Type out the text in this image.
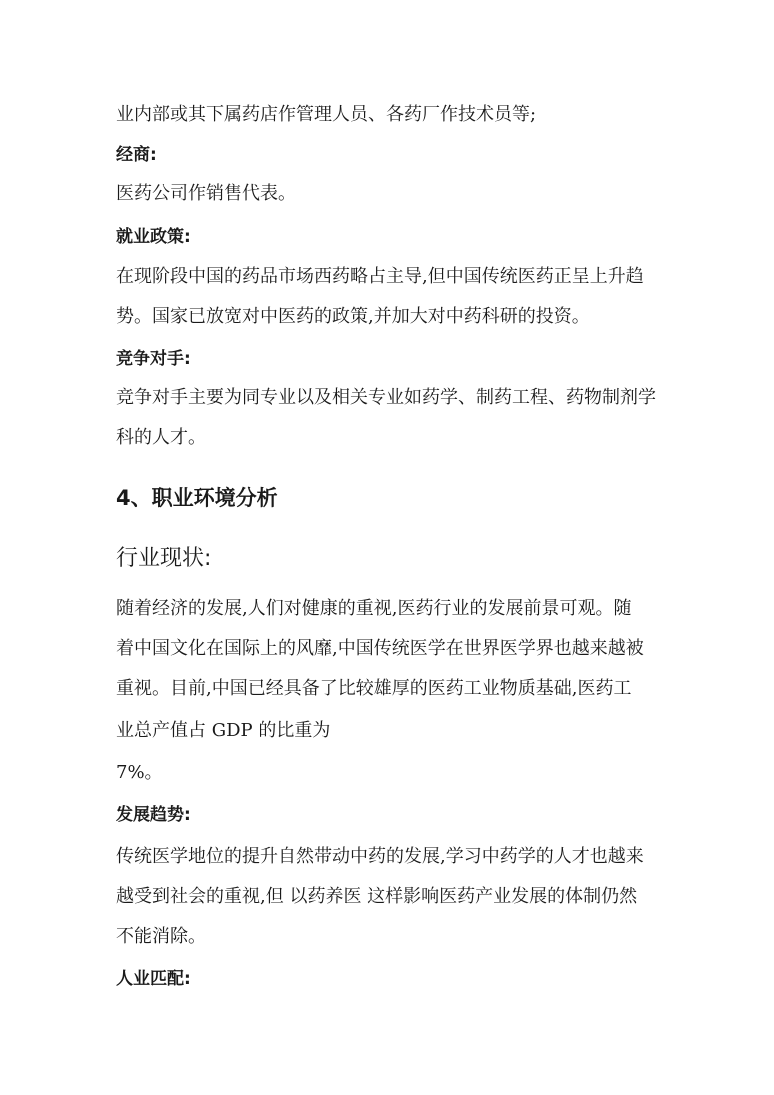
业内部或其下属药店作管理人员、各药厂作技术员等;
经商:
医药公司作销售代表。
就业政策:
在现阶段中国的药品市场西药略占主导,但中国传统医药正呈上升趋
势。国家已放宽对中医药的政策,并加大对中药科研的投资。
竞争对手:
竞争对手主要为同专业以及相关专业如药学、制药工程、药物制剂学
科的人才。
4、职业环境分析
行业现状:
随着经济的发展,人们对健康的重视,医药行业的发展前景可观。随
着中国文化在国际上的风靡,中国传统医学在世界医学界也越来越被
重视。目前,中国已经具备了比较雄厚的医药工业物质基础,医药工
业总产值占 GDP 的比重为
7%。
发展趋势:
传统医学地位的提升自然带动中药的发展,学习中药学的人才也越来
越受到社会的重视,但 以药养医 这样影响医药产业发展的体制仍然
不能消除。
人业匹配:
